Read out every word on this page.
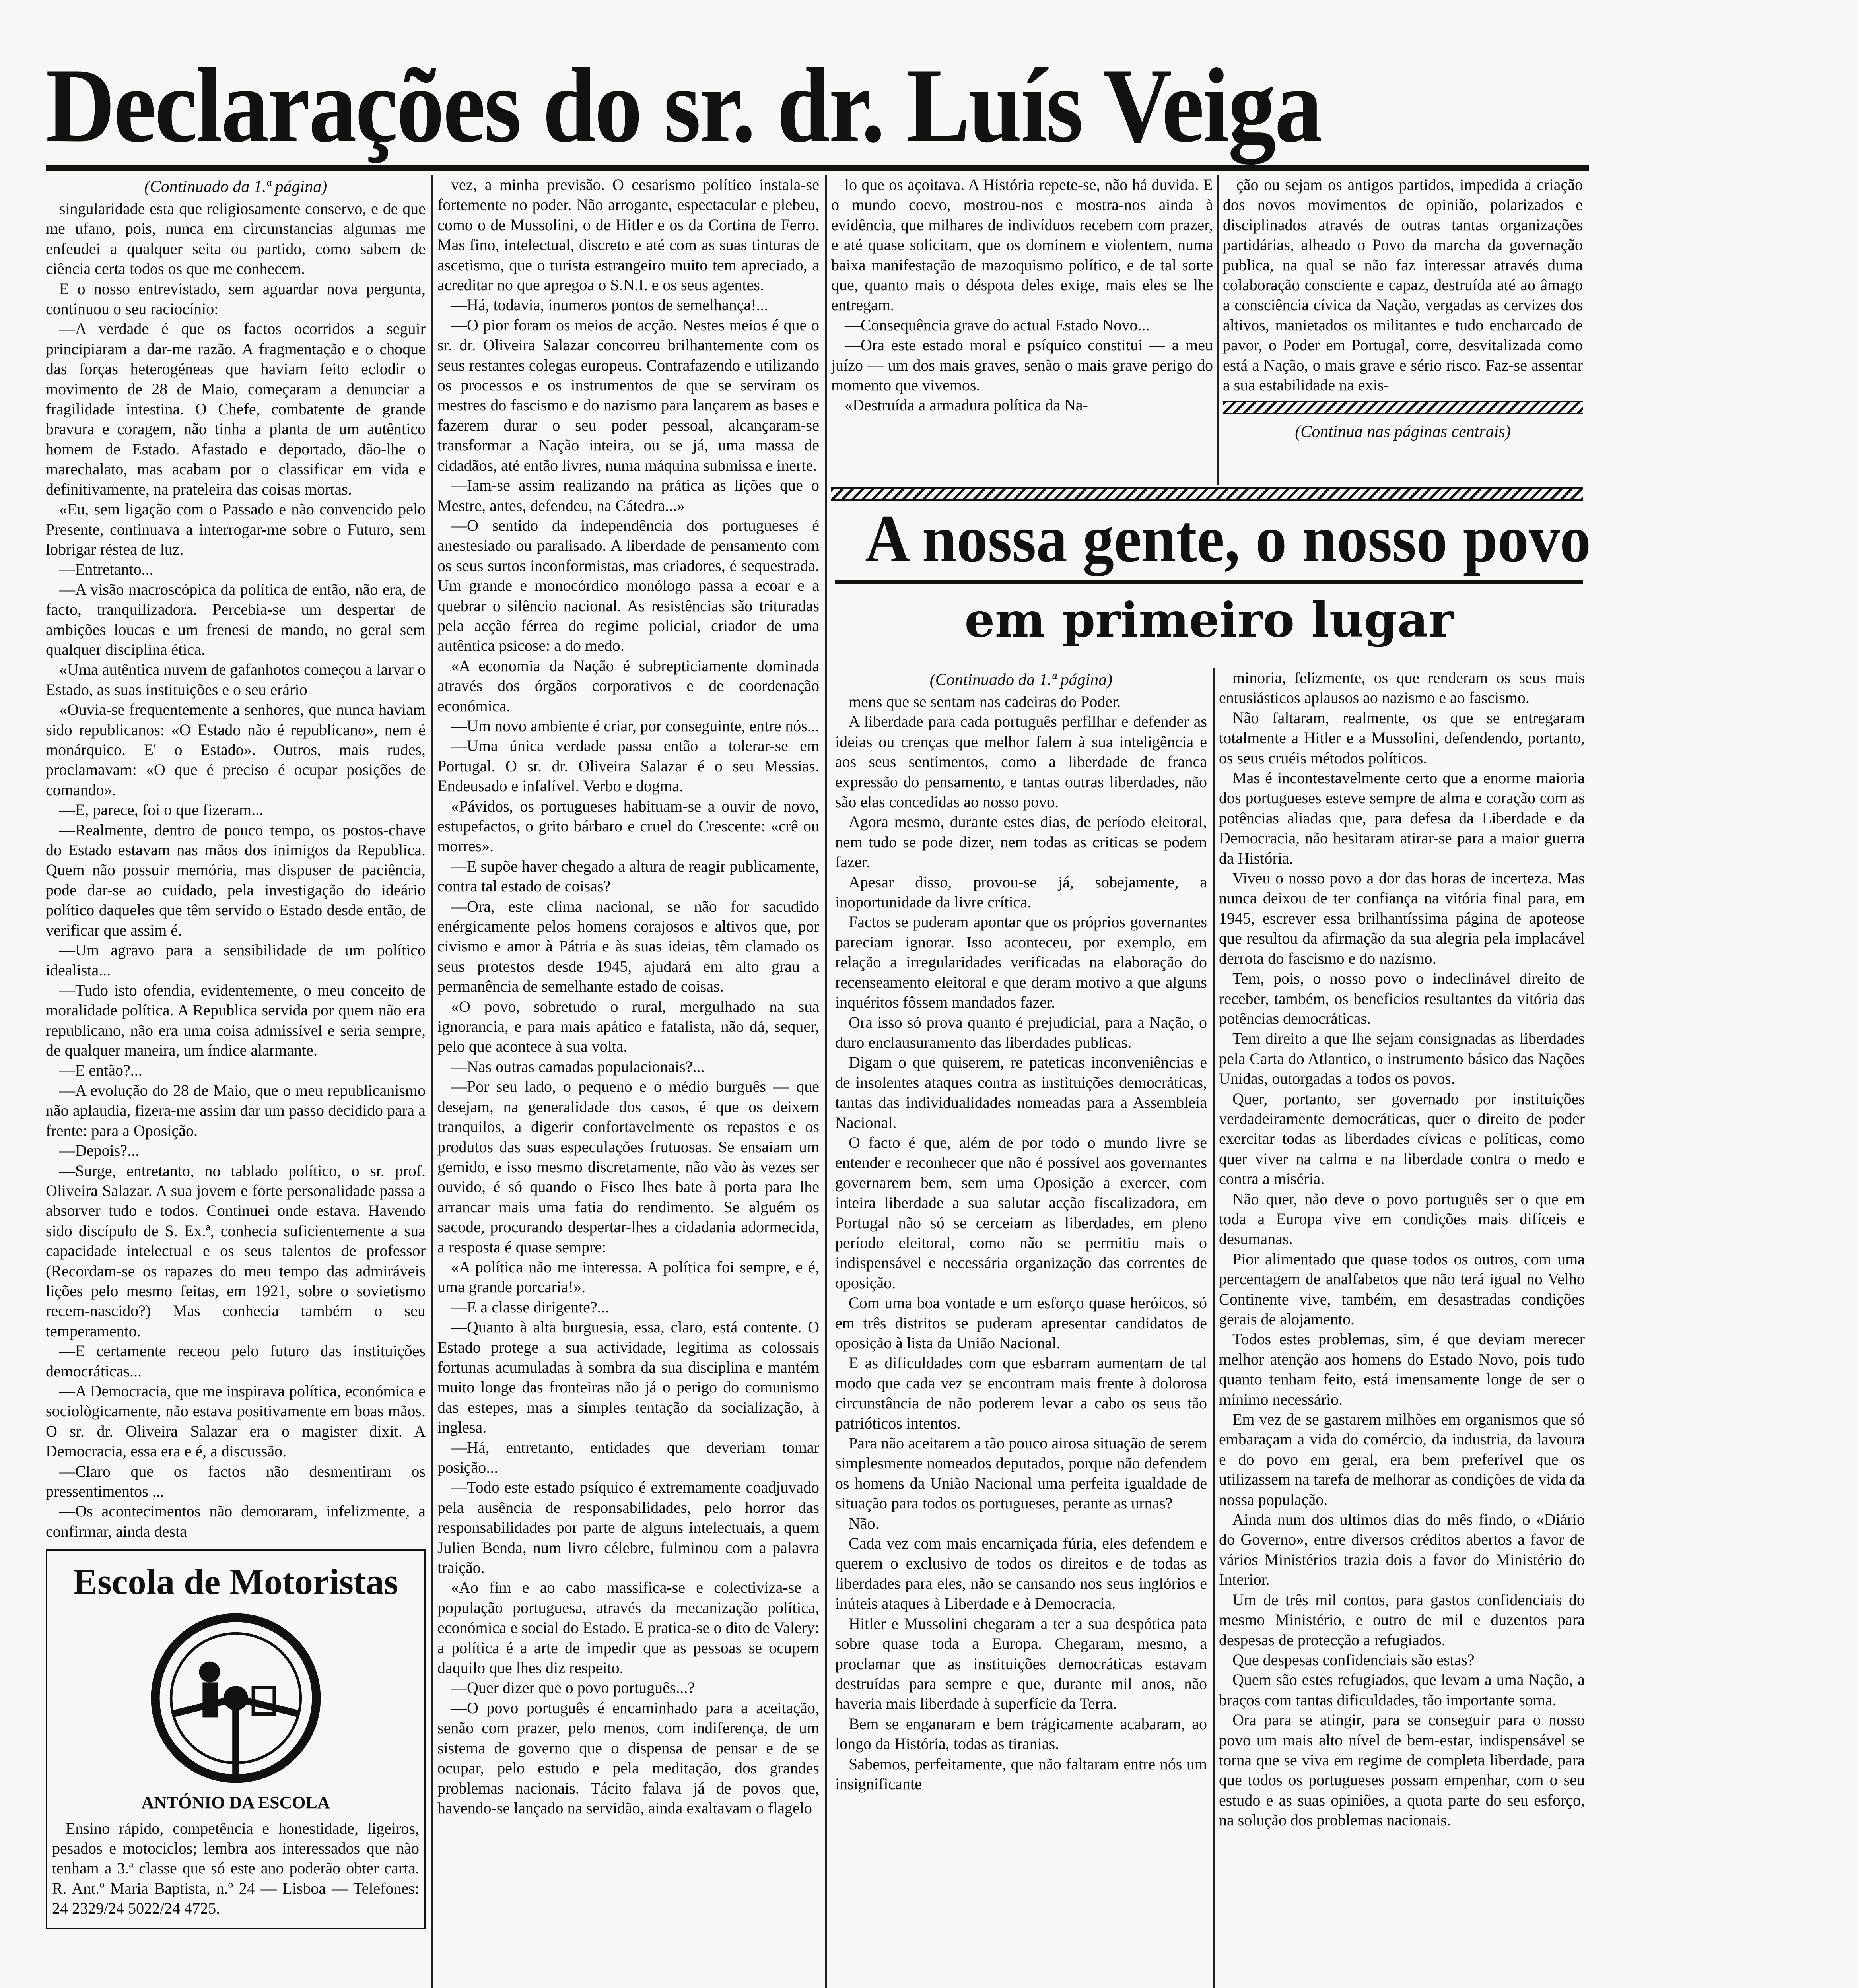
Declarações do sr. dr. Luís Veiga
(Continuado da 1.ª página)

singularidade esta que religiosamente conservo, e de que me ufano, pois, nunca em circunstancias algumas me enfeudei a qualquer seita ou partido, como sabem de ciência certa todos os que me conhecem.

E o nosso entrevistado, sem aguardar nova pergunta, continuou o seu raciocínio:

—A verdade é que os factos ocorridos a seguir principiaram a dar-me razão. A fragmentação e o choque das forças heterogéneas que haviam feito eclodir o movimento de 28 de Maio, começaram a denunciar a fragilidade intestina. O Chefe, combatente de grande bravura e coragem, não tinha a planta de um autêntico homem de Estado. Afastado e deportado, dão-lhe o marechalato, mas acabam por o classificar em vida e definitivamente, na prateleira das coisas mortas.

«Eu, sem ligação com o Passado e não convencido pelo Presente, continuava a interrogar-me sobre o Futuro, sem lobrigar réstea de luz.

—Entretanto...

—A visão macroscópica da política de então, não era, de facto, tranquilizadora. Percebia-se um despertar de ambições loucas e um frenesi de mando, no geral sem qualquer disciplina ética.

«Uma autêntica nuvem de gafanhotos começou a larvar o Estado, as suas instituições e o seu erário

«Ouvia-se frequentemente a senhores, que nunca haviam sido republicanos: «O Estado não é republicano», nem é monárquico. E' o Estado». Outros, mais rudes, proclamavam: «O que é preciso é ocupar posições de comando».

—E, parece, foi o que fizeram...

—Realmente, dentro de pouco tempo, os postos-chave do Estado estavam nas mãos dos inimigos da Republica. Quem não possuir memória, mas dispuser de paciência, pode dar-se ao cuidado, pela investigação do ideário político daqueles que têm servido o Estado desde então, de verificar que assim é.

—Um agravo para a sensibilidade de um político idealista...

—Tudo isto ofendia, evidentemente, o meu conceito de moralidade política. A Republica servida por quem não era republicano, não era uma coisa admissível e seria sempre, de qualquer maneira, um índice alarmante.

—E então?...

—A evolução do 28 de Maio, que o meu republicanismo não aplaudia, fizera-me assim dar um passo decidido para a frente: para a Oposição.

—Depois?...

—Surge, entretanto, no tablado político, o sr. prof. Oliveira Salazar. A sua jovem e forte personalidade passa a absorver tudo e todos. Continuei onde estava. Havendo sido discípulo de S. Ex.ª, conhecia suficientemente a sua capacidade intelectual e os seus talentos de professor (Recordam-se os rapazes do meu tempo das admiráveis lições pelo mesmo feitas, em 1921, sobre o sovietismo recem-nascido?) Mas conhecia também o seu temperamento.

—E certamente receou pelo futuro das instituições democráticas...

—A Democracia, que me inspirava política, económica e sociològicamente, não estava positivamente em boas mãos. O sr. dr. Oliveira Salazar era o magister dixit. A Democracia, essa era e é, a discussão.

—Claro que os factos não desmentiram os pressentimentos ...

—Os acontecimentos não demoraram, infelizmente, a confirmar, ainda desta

Escola de Motoristas
ANTÓNIO DA ESCOLA

Ensino rápido, competência e honestidade, ligeiros, pesados e motociclos; lembra aos interessados que não tenham a 3.ª classe que só este ano poderão obter carta. R. Ant.º Maria Baptista, n.º 24 — Lisboa — Telefones: 24 2329/24 5022/24 4725.

vez, a minha previsão. O cesarismo político instala-se fortemente no poder. Não arrogante, espectacular e plebeu, como o de Mussolini, o de Hitler e os da Cortina de Ferro. Mas fino, intelectual, discreto e até com as suas tinturas de ascetismo, que o turista estrangeiro muito tem apreciado, a acreditar no que apregoa o S.N.I. e os seus agentes.

—Há, todavia, inumeros pontos de semelhança!...

—O pior foram os meios de acção. Nestes meios é que o sr. dr. Oliveira Salazar concorreu brilhantemente com os seus restantes colegas europeus. Contrafazendo e utilizando os processos e os instrumentos de que se serviram os mestres do fascismo e do nazismo para lançarem as bases e fazerem durar o seu poder pessoal, alcançaram-se transformar a Nação inteira, ou se já, uma massa de cidadãos, até então livres, numa máquina submissa e inerte.

—Iam-se assim realizando na prática as lições que o Mestre, antes, defendeu, na Cátedra...»

—O sentido da independência dos portugueses é anestesiado ou paralisado. A liberdade de pensamento com os seus surtos inconformistas, mas criadores, é sequestrada. Um grande e monocórdico monólogo passa a ecoar e a quebrar o silêncio nacional. As resistências são trituradas pela acção férrea do regime policial, criador de uma autêntica psicose: a do medo.

«A economia da Nação é subrepticiamente dominada através dos órgãos corporativos e de coordenação económica.

—Um novo ambiente é criar, por conseguinte, entre nós...

—Uma única verdade passa então a tolerar-se em Portugal. O sr. dr. Oliveira Salazar é o seu Messias. Endeusado e infalível. Verbo e dogma.

«Pávidos, os portugueses habituam-se a ouvir de novo, estupefactos, o grito bárbaro e cruel do Crescente: «crê ou morres».

—E supõe haver chegado a altura de reagir publicamente, contra tal estado de coisas?

—Ora, este clima nacional, se não for sacudido enérgicamente pelos homens corajosos e altivos que, por civismo e amor à Pátria e às suas ideias, têm clamado os seus protestos desde 1945, ajudará em alto grau a permanência de semelhante estado de coisas.

«O povo, sobretudo o rural, mergulhado na sua ignorancia, e para mais apático e fatalista, não dá, sequer, pelo que acontece à sua volta.

—Nas outras camadas populacionais?...

—Por seu lado, o pequeno e o médio burguês — que desejam, na generalidade dos casos, é que os deixem tranquilos, a digerir confortavelmente os repastos e os produtos das suas especulações frutuosas. Se ensaiam um gemido, e isso mesmo discretamente, não vão às vezes ser ouvido, é só quando o Fisco lhes bate à porta para lhe arrancar mais uma fatia do rendimento. Se alguém os sacode, procurando despertar-lhes a cidadania adormecida, a resposta é quase sempre:

«A política não me interessa. A política foi sempre, e é, uma grande porcaria!».

—E a classe dirigente?...

—Quanto à alta burguesia, essa, claro, está contente. O Estado protege a sua actividade, legitima as colossais fortunas acumuladas à sombra da sua disciplina e mantém muito longe das fronteiras não já o perigo do comunismo das estepes, mas a simples tentação da socialização, à inglesa.

—Há, entretanto, entidades que deveriam tomar posição...

—Todo este estado psíquico é extremamente coadjuvado pela ausência de responsabilidades, pelo horror das responsabilidades por parte de alguns intelectuais, a quem Julien Benda, num livro célebre, fulminou com a palavra traição.

«Ao fim e ao cabo massifica-se e colectiviza-se a população portuguesa, através da mecanização política, económica e social do Estado. E pratica-se o dito de Valery: a política é a arte de impedir que as pessoas se ocupem daquilo que lhes diz respeito.

—Quer dizer que o povo português...?

—O povo português é encaminhado para a aceitação, senão com prazer, pelo menos, com indiferença, de um sistema de governo que o dispensa de pensar e de se ocupar, pelo estudo e pela meditação, dos grandes problemas nacionais. Tácito falava já de povos que, havendo-se lançado na servidão, ainda exaltavam o flagelo

lo que os açoitava. A História repete-se, não há duvida. E o mundo coevo, mostrou-nos e mostra-nos ainda à evidência, que milhares de indivíduos recebem com prazer, e até quase solicitam, que os dominem e violentem, numa baixa manifestação de mazoquismo político, e de tal sorte que, quanto mais o déspota deles exige, mais eles se lhe entregam.

—Consequência grave do actual Estado Novo...

—Ora este estado moral e psíquico constitui — a meu juízo — um dos mais graves, senão o mais grave perigo do momento que vivemos.

«Destruída a armadura política da Na-

ção ou sejam os antigos partidos, impedida a criação dos novos movimentos de opinião, polarizados e disciplinados através de outras tantas organizações partidárias, alheado o Povo da marcha da governação publica, na qual se não faz interessar através duma colaboração consciente e capaz, destruída até ao âmago a consciência cívica da Nação, vergadas as cervizes dos altivos, manietados os militantes e tudo encharcado de pavor, o Poder em Portugal, corre, desvitalizada como está a Nação, o mais grave e sério risco. Faz-se assentar a sua estabilidade na exis-

(Continua nas páginas centrais)
A nossa gente, o nosso povo
em primeiro lugar
(Continuado da 1.ª página)

mens que se sentam nas cadeiras do Poder.

A liberdade para cada português perfilhar e defender as ideias ou crenças que melhor falem à sua inteligência e aos seus sentimentos, como a liberdade de franca expressão do pensamento, e tantas outras liberdades, não são elas concedidas ao nosso povo.

Agora mesmo, durante estes dias, de período eleitoral, nem tudo se pode dizer, nem todas as criticas se podem fazer.

Apesar disso, provou-se já, sobejamente, a inoportunidade da livre crítica.

Factos se puderam apontar que os próprios governantes pareciam ignorar. Isso aconteceu, por exemplo, em relação a irregularidades verificadas na elaboração do recenseamento eleitoral e que deram motivo a que alguns inquéritos fôssem mandados fazer.

Ora isso só prova quanto é prejudicial, para a Nação, o duro enclausuramento das liberdades publicas.

Digam o que quiserem, re pateticas inconveniências e de insolentes ataques contra as instituições democráticas, tantas das individualidades nomeadas para a Assembleia Nacional.

O facto é que, além de por todo o mundo livre se entender e reconhecer que não é possível aos governantes governarem bem, sem uma Oposição a exercer, com inteira liberdade a sua salutar acção fiscalizadora, em Portugal não só se cerceiam as liberdades, em pleno período eleitoral, como não se permitiu mais o indispensável e necessária organização das correntes de oposição.

Com uma boa vontade e um esforço quase heróicos, só em três distritos se puderam apresentar candidatos de oposição à lista da União Nacional.

E as dificuldades com que esbarram aumentam de tal modo que cada vez se encontram mais frente à dolorosa circunstância de não poderem levar a cabo os seus tão patrióticos intentos.

Para não aceitarem a tão pouco airosa situação de serem simplesmente nomeados deputados, porque não defendem os homens da União Nacional uma perfeita igualdade de situação para todos os portugueses, perante as urnas?

Não.

Cada vez com mais encarniçada fúria, eles defendem e querem o exclusivo de todos os direitos e de todas as liberdades para eles, não se cansando nos seus inglórios e inúteis ataques à Liberdade e à Democracia.

Hitler e Mussolini chegaram a ter a sua despótica pata sobre quase toda a Europa. Chegaram, mesmo, a proclamar que as instituições democráticas estavam destruídas para sempre e que, durante mil anos, não haveria mais liberdade à superfície da Terra.

Bem se enganaram e bem trágicamente acabaram, ao longo da História, todas as tiranias.

Sabemos, perfeitamente, que não faltaram entre nós um insignificante

minoria, felizmente, os que renderam os seus mais entusiásticos aplausos ao nazismo e ao fascismo.

Não faltaram, realmente, os que se entregaram totalmente a Hitler e a Mussolini, defendendo, portanto, os seus cruéis métodos políticos.

Mas é incontestavelmente certo que a enorme maioria dos portugueses esteve sempre de alma e coração com as potências aliadas que, para defesa da Liberdade e da Democracia, não hesitaram atirar-se para a maior guerra da História.

Viveu o nosso povo a dor das horas de incerteza. Mas nunca deixou de ter confiança na vitória final para, em 1945, escrever essa brilhantíssima página de apoteose que resultou da afirmação da sua alegria pela implacável derrota do fascismo e do nazismo.

Tem, pois, o nosso povo o indeclinável direito de receber, também, os beneficios resultantes da vitória das potências democráticas.

Tem direito a que lhe sejam consignadas as liberdades pela Carta do Atlantico, o instrumento básico das Nações Unidas, outorgadas a todos os povos.

Quer, portanto, ser governado por instituições verdadeiramente democráticas, quer o direito de poder exercitar todas as liberdades cívicas e políticas, como quer viver na calma e na liberdade contra o medo e contra a miséria.

Não quer, não deve o povo português ser o que em toda a Europa vive em condições mais difíceis e desumanas.

Pior alimentado que quase todos os outros, com uma percentagem de analfabetos que não terá igual no Velho Continente vive, também, em desastradas condições gerais de alojamento.

Todos estes problemas, sim, é que deviam merecer melhor atenção aos homens do Estado Novo, pois tudo quanto tenham feito, está imensamente longe de ser o mínimo necessário.

Em vez de se gastarem milhões em organismos que só embaraçam a vida do comércio, da industria, da lavoura e do povo em geral, era bem preferível que os utilizassem na tarefa de melhorar as condições de vida da nossa população.

Ainda num dos ultimos dias do mês findo, o «Diário do Governo», entre diversos créditos abertos a favor de vários Ministérios trazia dois a favor do Ministério do Interior.

Um de três mil contos, para gastos confidenciais do mesmo Ministério, e outro de mil e duzentos para despesas de protecção a refugiados.

Que despesas confidenciais são estas?

Quem são estes refugiados, que levam a uma Nação, a braços com tantas dificuldades, tão importante soma.

Ora para se atingir, para se conseguir para o nosso povo um mais alto nível de bem-estar, indispensável se torna que se viva em regime de completa liberdade, para que todos os portugueses possam empenhar, com o seu estudo e as suas opiniões, a quota parte do seu esforço, na solução dos problemas nacionais.
